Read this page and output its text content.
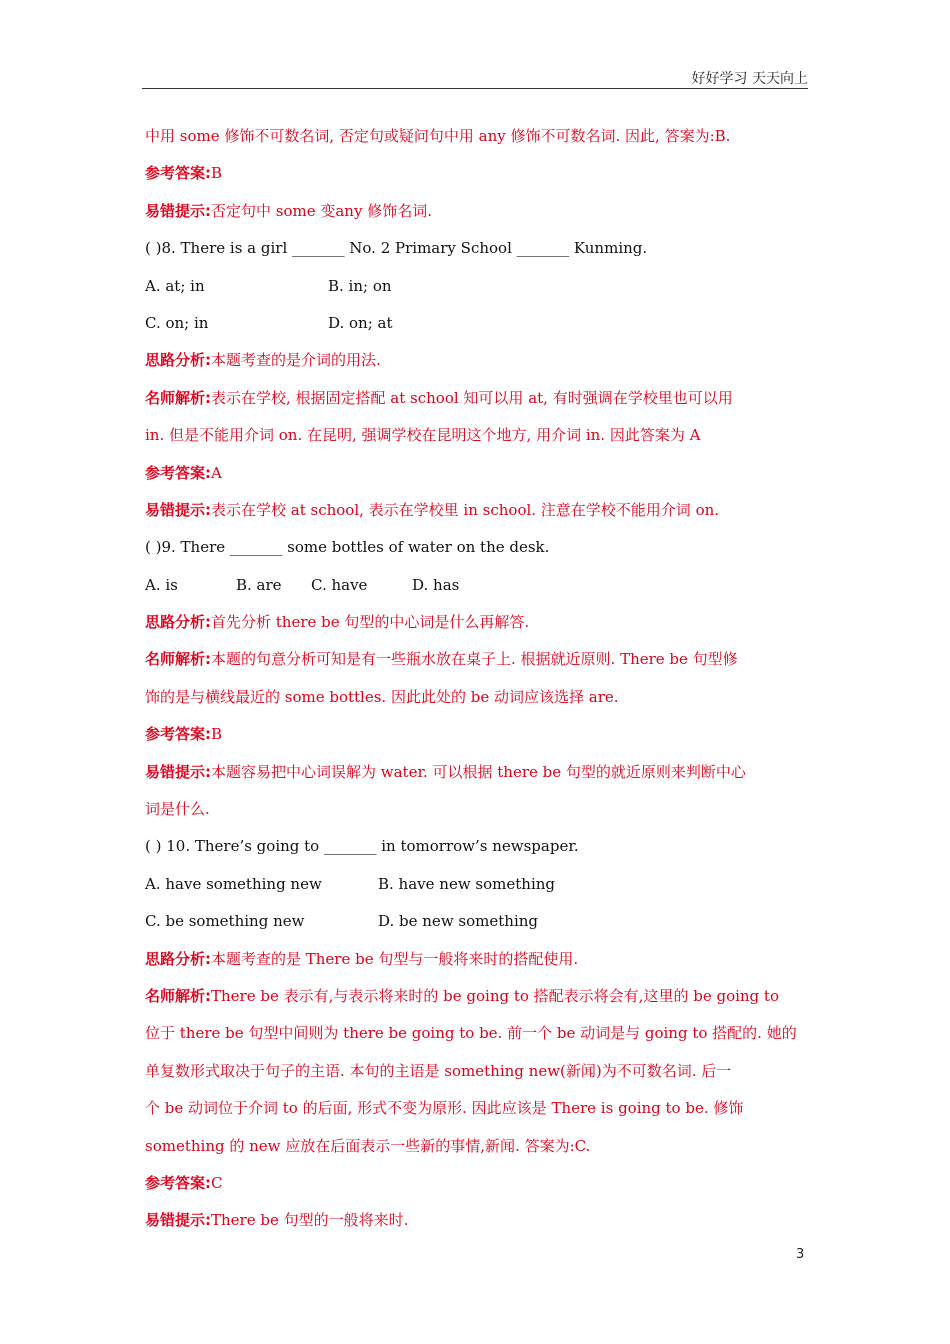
好好学习 天天向上
中用 some 修饰不可数名词, 否定句或疑问句中用 any 修饰不可数名词. 因此, 答案为:B.
参考答案:B
易错提示:否定句中 some 变any 修饰名词.
( )8. There is a girl _______ No. 2 Primary School _______ Kunming.
A. at; in	B. in; on
C. on; in	D. on; at
思路分析:本题考查的是介词的用法.
名师解析:表示在学校, 根据固定搭配 at school 知可以用 at, 有时强调在学校里也可以用
in. 但是不能用介词 on. 在昆明, 强调学校在昆明这个地方, 用介词 in. 因此答案为 A
参考答案:A
易错提示:表示在学校 at school, 表示在学校里 in school. 注意在学校不能用介词 on.
( )9. There _______ some bottles of water on the desk.
A. is	B. are C. have	D. has
思路分析:首先分析 there be 句型的中心词是什么再解答.
名师解析:本题的句意分析可知是有一些瓶水放在桌子上. 根据就近原则. There be 句型修
饰的是与横线最近的 some bottles. 因此此处的 be 动词应该选择 are.
参考答案:B
易错提示:本题容易把中心词误解为 water. 可以根据 there be 句型的就近原则来判断中心
词是什么.
( ) 10. There’s going to _______ in tomorrow’s newspaper.
A. have something new	B. have new something
C. be something new	D. be new something
思路分析:本题考查的是 There be 句型与一般将来时的搭配使用.
名师解析:There be 表示有,与表示将来时的 be going to 搭配表示将会有,这里的 be going to
位于 there be 句型中间则为 there be going to be. 前一个 be 动词是与 going to 搭配的. 她的
单复数形式取决于句子的主语. 本句的主语是 something new(新闻)为不可数名词. 后一
个 be 动词位于介词 to 的后面, 形式不变为原形. 因此应该是 There is going to be. 修饰
something 的 new 应放在后面表示一些新的事情,新闻. 答案为:C.
参考答案:C
易错提示:There be 句型的一般将来时.
3
